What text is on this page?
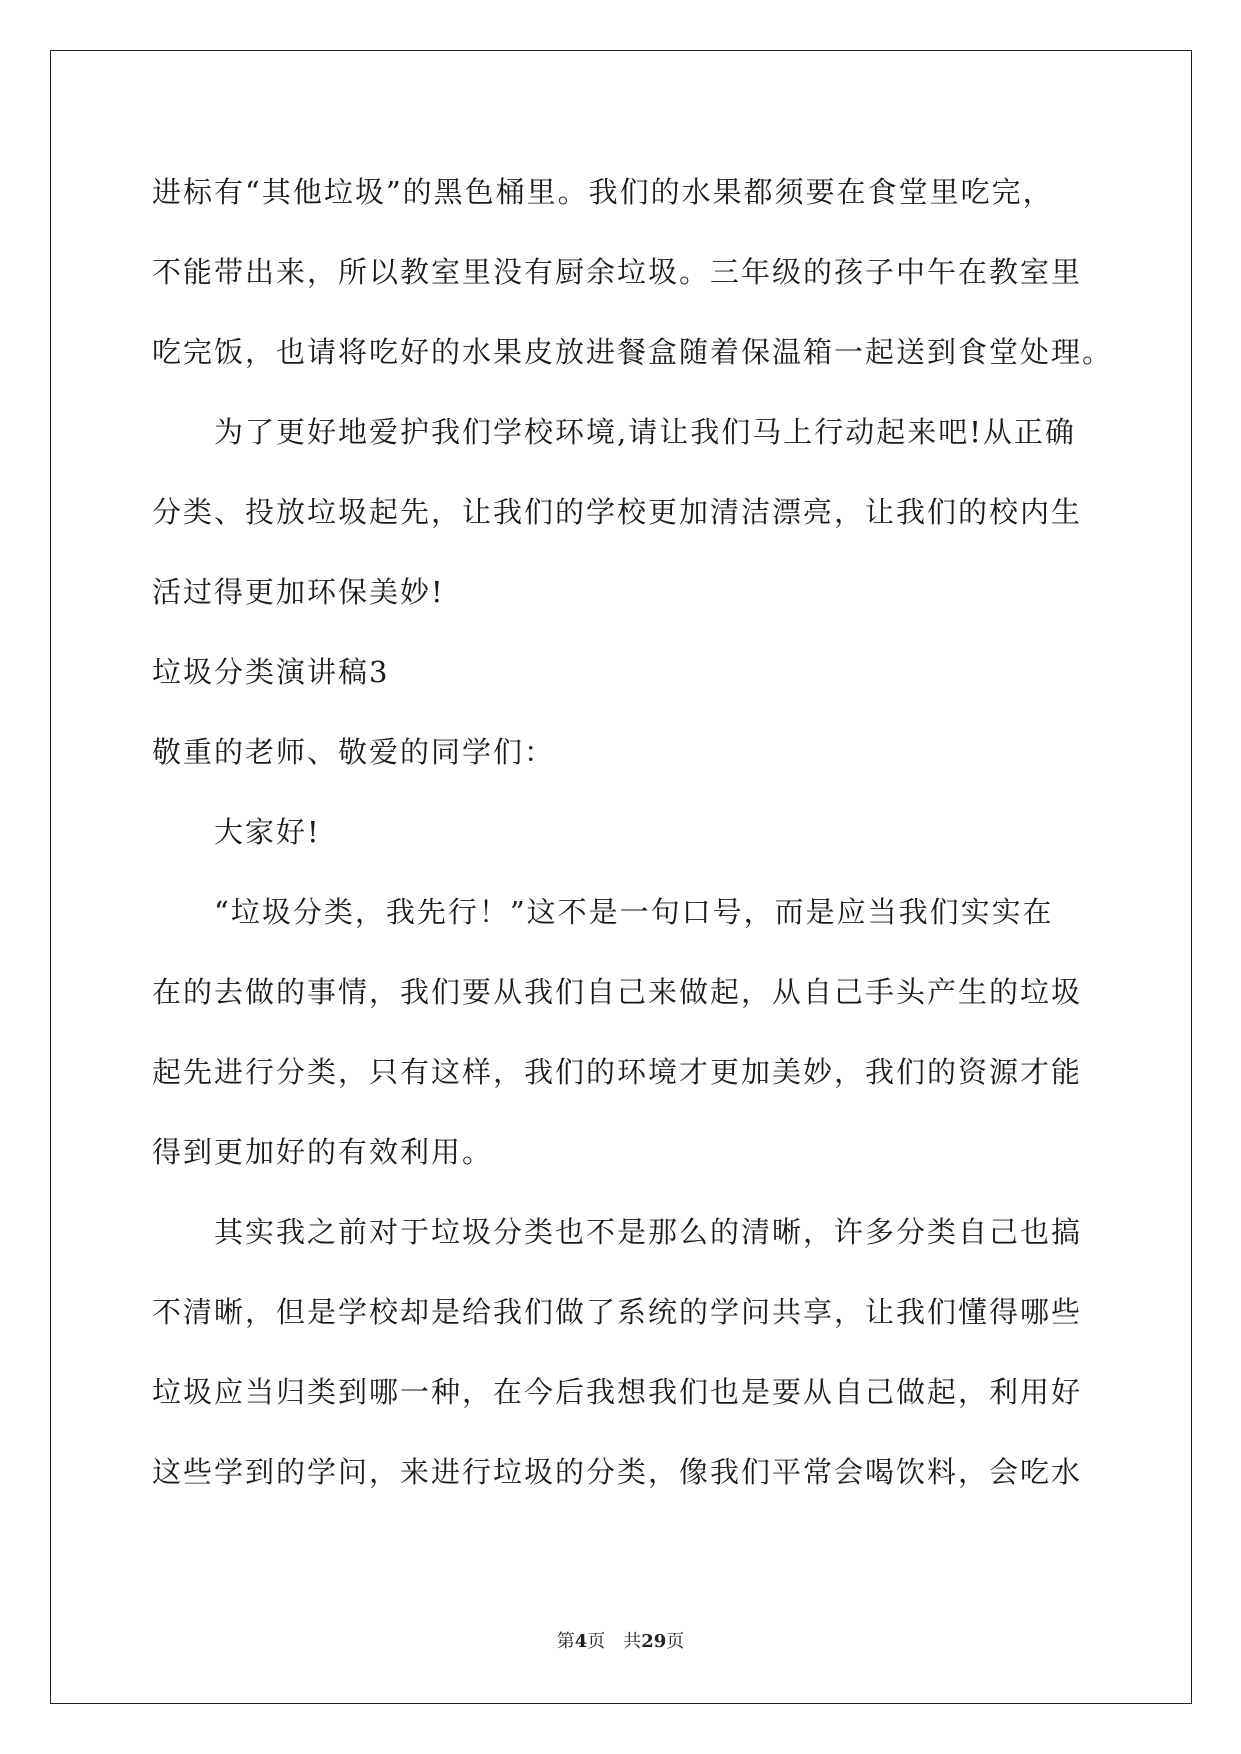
进标有“其他垃圾”的黑色桶里。我们的水果都须要在食堂里吃完，
不能带出来，所以教室里没有厨余垃圾。三年级的孩子中午在教室里
吃完饭，也请将吃好的水果皮放进餐盒随着保温箱一起送到食堂处理。
为了更好地爱护我们学校环境,请让我们马上行动起来吧!从正确
分类、投放垃圾起先，让我们的学校更加清洁漂亮，让我们的校内生
活过得更加环保美妙!
垃圾分类演讲稿3
敬重的老师、敬爱的同学们：
大家好!
“垃圾分类，我先行！”这不是一句口号，而是应当我们实实在
在的去做的事情，我们要从我们自己来做起，从自己手头产生的垃圾
起先进行分类，只有这样，我们的环境才更加美妙，我们的资源才能
得到更加好的有效利用。
其实我之前对于垃圾分类也不是那么的清晰，许多分类自己也搞
不清晰，但是学校却是给我们做了系统的学问共享，让我们懂得哪些
垃圾应当归类到哪一种，在今后我想我们也是要从自己做起，利用好
这些学到的学问，来进行垃圾的分类，像我们平常会喝饮料，会吃水
第4页 共29页
